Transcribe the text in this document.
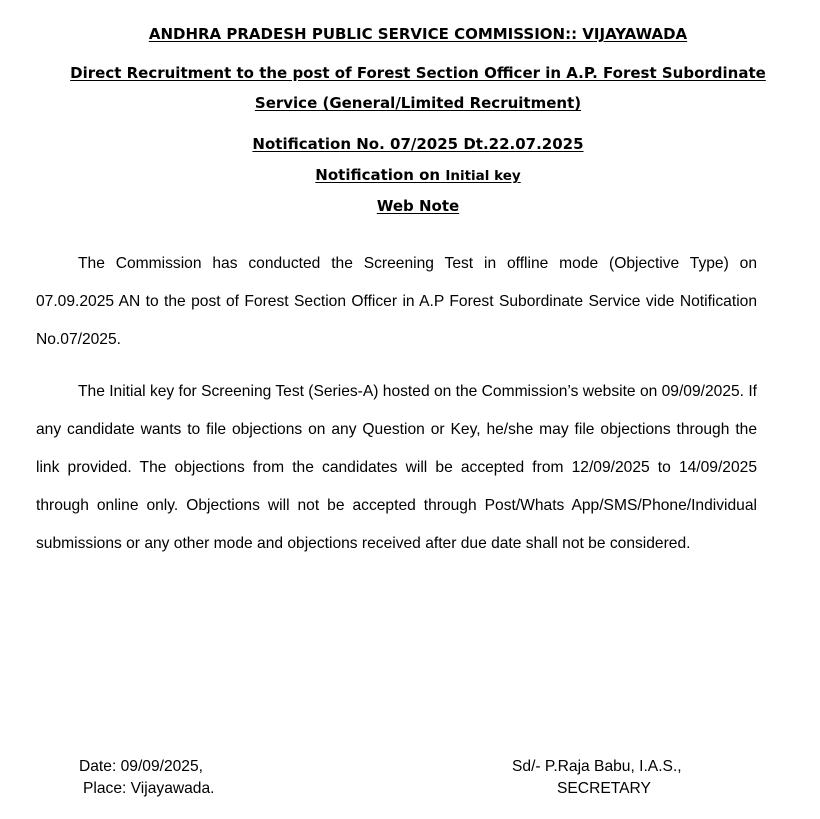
ANDHRA PRADESH PUBLIC SERVICE COMMISSION:: VIJAYAWADA
Direct Recruitment to the post of Forest Section Officer in A.P. Forest Subordinate
Service (General/Limited Recruitment)
Notification No. 07/2025 Dt.22.07.2025
Notification on Initial key
Web Note

The Commission has conducted the Screening Test in offline mode (Objective Type) on 07.09.2025 AN to the post of Forest Section Officer in A.P Forest Subordinate Service vide Notification No.07/2025.

The Initial key for Screening Test (Series-A) hosted on the Commission’s website on 09/09/2025. If any candidate wants to file objections on any Question or Key, he/she may file objections through the link provided. The objections from the candidates will be accepted from 12/09/2025 to 14/09/2025 through online only. Objections will not be accepted through Post/Whats App/SMS/Phone/Individual submissions or any other mode and objections received after due date shall not be considered.

Date: 09/09/2025,
Place: Vijayawada.
Sd/- P.Raja Babu, I.A.S.,
SECRETARY
